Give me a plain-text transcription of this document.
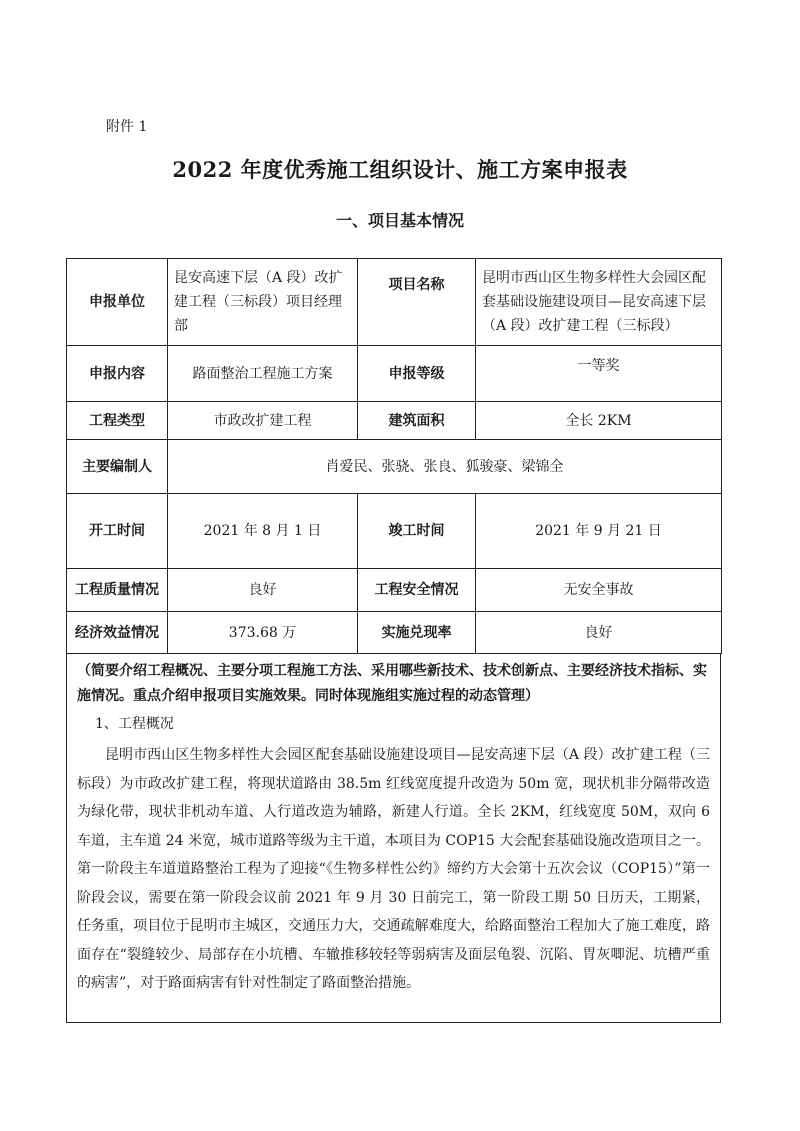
附件 1
2022 年度优秀施工组织设计、施工方案申报表
一、项目基本情况
申报单位	昆安高速下层（A 段）改扩建工程（三标段）项目经理部	项目名称	昆明市西山区生物多样性大会园区配套基础设施建设项目—昆安高速下层（A 段）改扩建工程（三标段）
申报内容	路面整治工程施工方案	申报等级	一等奖
工程类型	市政改扩建工程	建筑面积	全长 2KM
主要编制人	肖爱民、张骁、张良、狐骏豪、梁锦全		
开工时间	2021 年 8 月 1 日	竣工时间	2021 年 9 月 21 日
工程质量情况	良好	工程安全情况	无安全事故
经济效益情况	373.68 万	实施兑现率	良好

（简要介绍工程概况、主要分项工程施工方法、采用哪些新技术、技术创新点、主要经济技术指标、实施情况。重点介绍申报项目实施效果。同时体现施组实施过程的动态管理）

1、工程概况

昆明市西山区生物多样性大会园区配套基础设施建设项目—昆安高速下层（A 段）改扩建工程（三标段）为市政改扩建工程，将现状道路由 38.5m 红线宽度提升改造为 50m 宽，现状机非分隔带改造为绿化带，现状非机动车道、人行道改造为辅路，新建人行道。全长 2KM，红线宽度 50M，双向 6 车道，主车道 24 米宽，城市道路等级为主干道，本项目为 COP15 大会配套基础设施改造项目之一。第一阶段主车道道路整治工程为了迎接“《生物多样性公约》缔约方大会第十五次会议（COP15）”第一阶段会议，需要在第一阶段会议前 2021 年 9 月 30 日前完工，第一阶段工期 50 日历天，工期紧，任务重，项目位于昆明市主城区，交通压力大，交通疏解难度大，给路面整治工程加大了施工难度，路面存在“裂缝较少、局部存在小坑槽、车辙推移较轻等弱病害及面层龟裂、沉陷、胃灰唧泥、坑槽严重的病害”，对于路面病害有针对性制定了路面整治措施。
